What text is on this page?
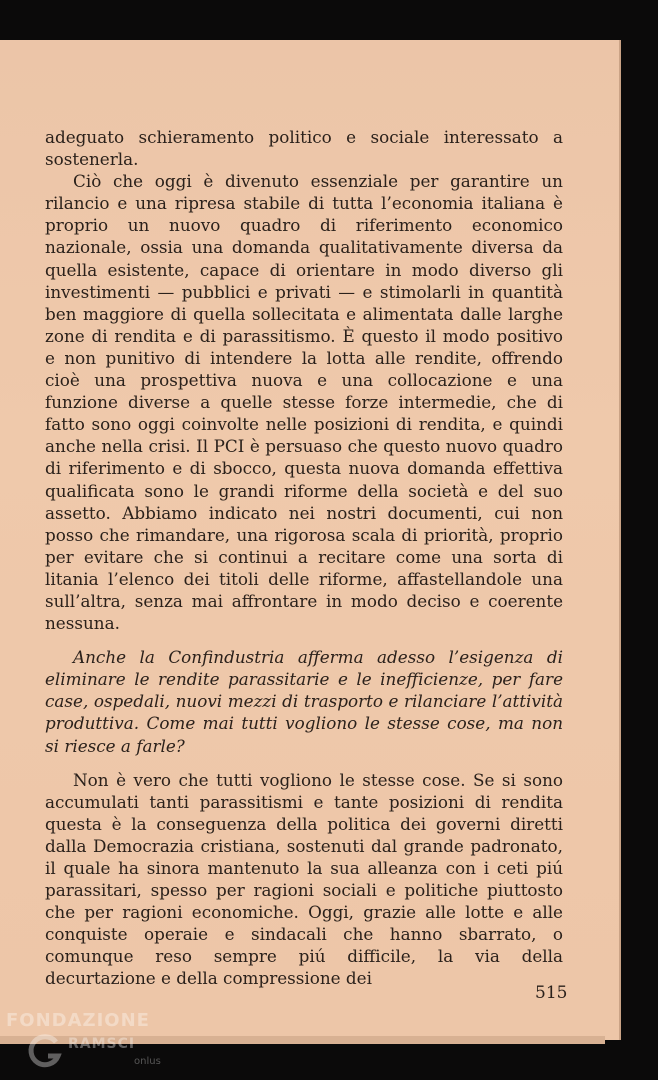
adeguato schieramento politico e sociale interessato a sostenerla.

Ciò che oggi è divenuto essenziale per garantire un rilancio e una ripresa stabile di tutta l’economia italiana è proprio un nuovo quadro di riferimento economico nazionale, ossia una domanda qualitativamente diversa da quella esistente, capace di orientare in modo diverso gli investimenti — pubblici e privati — e stimolarli in quantità ben maggiore di quella sollecitata e alimentata dalle larghe zone di rendita e di parassitismo. È questo il modo positivo e non punitivo di intendere la lotta alle rendite, offrendo cioè una prospettiva nuova e una collocazione e una funzione diverse a quelle stesse forze intermedie, che di fatto sono oggi coinvolte nelle posizioni di rendita, e quindi anche nella crisi. Il PCI è persuaso che questo nuovo quadro di riferimento e di sbocco, questa nuova domanda effettiva qualificata sono le grandi riforme della società e del suo assetto. Abbiamo indicato nei nostri documenti, cui non posso che rimandare, una rigorosa scala di priorità, proprio per evitare che si continui a recitare come una sorta di litania l’elenco dei titoli delle riforme, affastellandole una sull’altra, senza mai affrontare in modo deciso e coerente nessuna.

Anche la Confindustria afferma adesso l’esigenza di eliminare le rendite parassitarie e le inefficienze, per fare case, ospedali, nuovi mezzi di trasporto e rilanciare l’attività produttiva. Come mai tutti vogliono le stesse cose, ma non si riesce a farle?

Non è vero che tutti vogliono le stesse cose. Se si sono accumulati tanti parassitismi e tante posizioni di rendita questa è la conseguenza della politica dei governi diretti dalla Democrazia cristiana, sostenuti dal grande padronato, il quale ha sinora mantenuto la sua alleanza con i ceti piú parassitari, spesso per ragioni sociali e politiche piuttosto che per ragioni economiche. Oggi, grazie alle lotte e alle conquiste operaie e sindacali che hanno sbarrato, o comunque reso sempre piú difficile, la via della decurtazione e della compressione dei

515
FONDAZIONE
RAMSCI
onlus
